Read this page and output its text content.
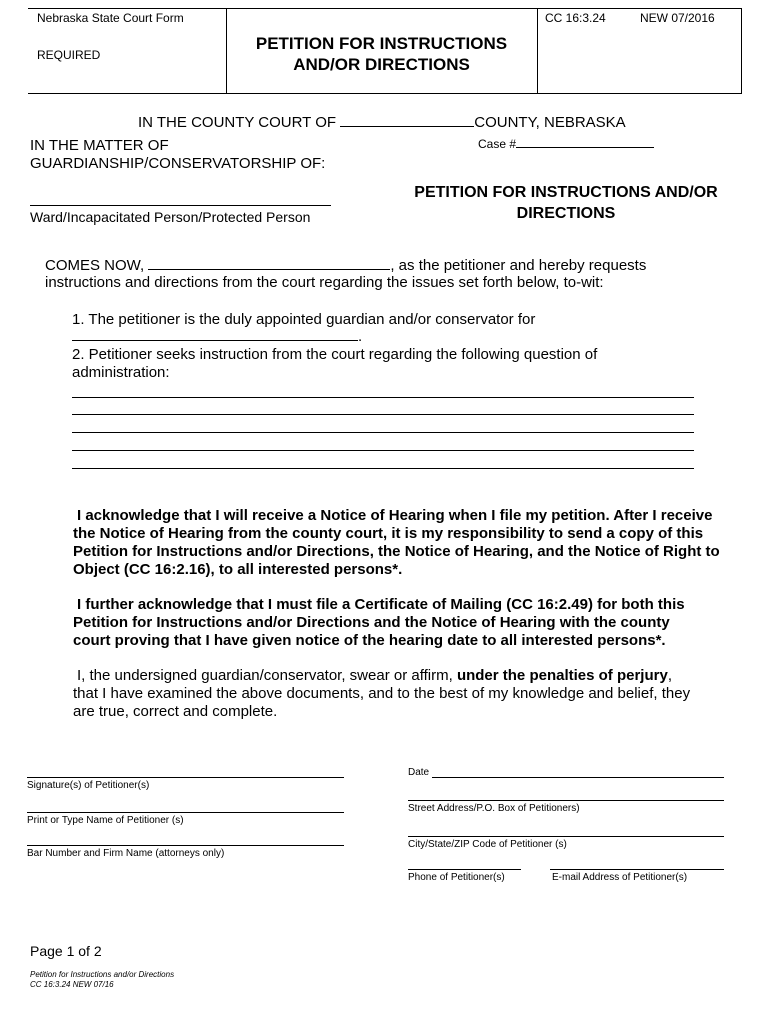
Nebraska State Court Form
REQUIRED
PETITION FOR INSTRUCTIONS
AND/OR DIRECTIONS
CC 16:3.24	NEW 07/2016
IN THE COUNTY COURT OF	COUNTY, NEBRASKA
IN THE MATTER OF
GUARDIANSHIP/CONSERVATORSHIP OF:
Case #
Ward/Incapacitated Person/Protected Person
PETITION FOR INSTRUCTIONS AND/OR
DIRECTIONS
COMES NOW,	, as the petitioner and hereby requests
instructions and directions from the court regarding the issues set forth below, to-wit:
1. The petitioner is the duly appointed guardian and/or conservator for
.
2. Petitioner seeks instruction from the court regarding the following question of
administration:
I acknowledge that I will receive a Notice of Hearing when I file my petition. After I receive
the Notice of Hearing from the county court, it is my responsibility to send a copy of this
Petition for Instructions and/or Directions, the Notice of Hearing, and the Notice of Right to
Object (CC 16:2.16), to all interested persons*.
I further acknowledge that I must file a Certificate of Mailing (CC 16:2.49) for both this
Petition for Instructions and/or Directions and the Notice of Hearing with the county
court proving that I have given notice of the hearing date to all interested persons*.
I, the undersigned guardian/conservator, swear or affirm, under the penalties of perjury,
that I have examined the above documents, and to the best of my knowledge and belief, they
are true, correct and complete.
Signature(s) of Petitioner(s)
Print or Type Name of Petitioner (s)
Bar Number and Firm Name (attorneys only)
Date
Street Address/P.O. Box of Petitioners)
City/State/ZIP Code of Petitioner (s)
Phone of Petitioner(s)	E-mail Address of Petitioner(s)
Page 1 of 2
Petition for Instructions and/or Directions
CC 16:3.24 NEW 07/16
